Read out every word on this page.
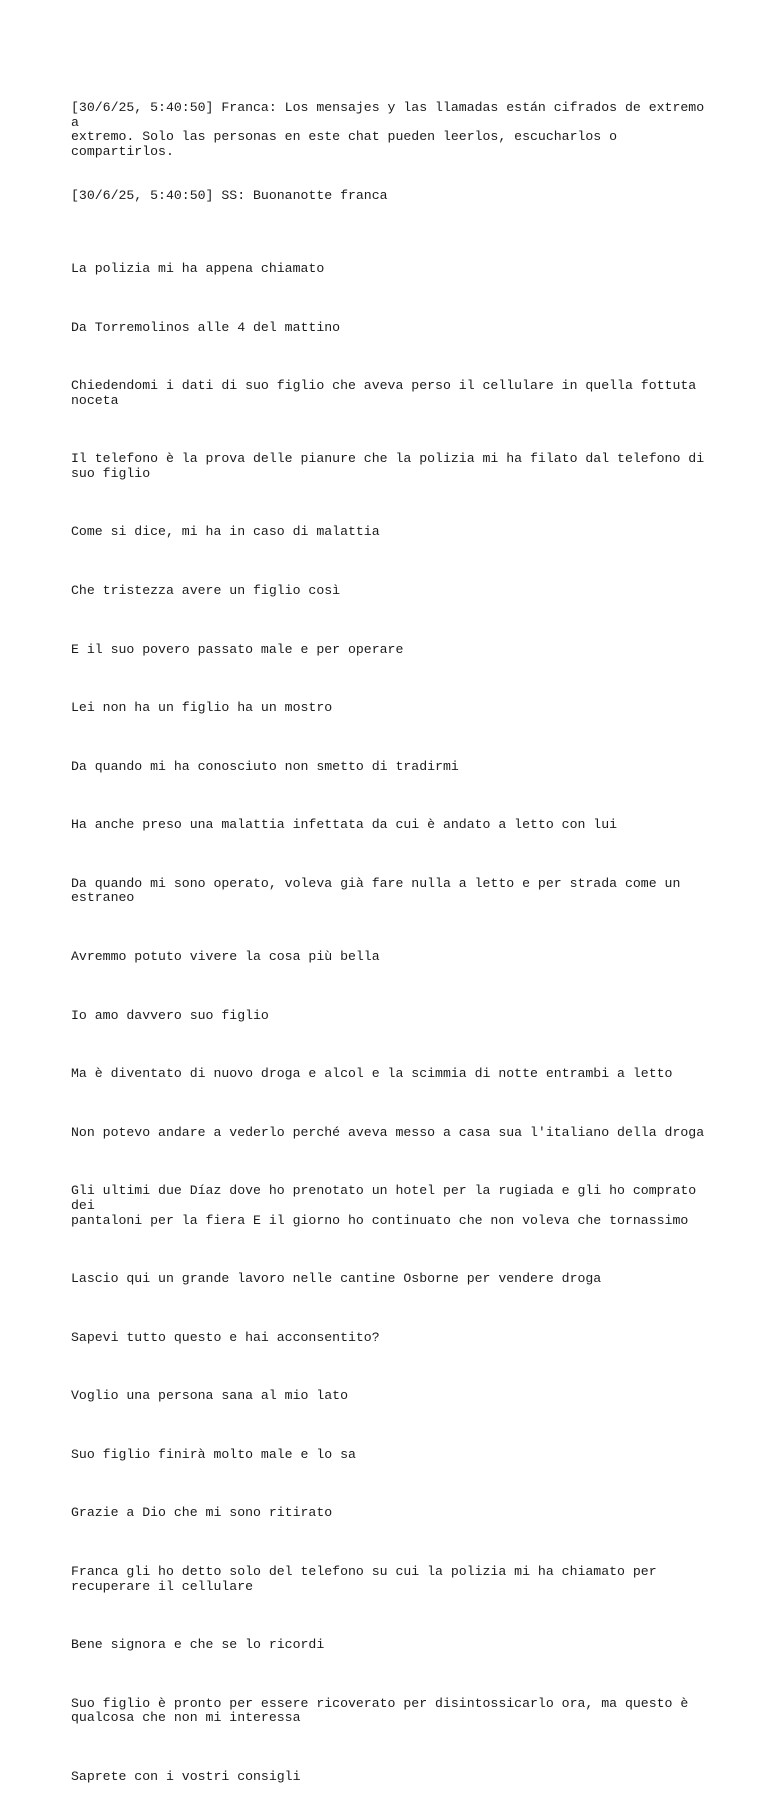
[30/6/25, 5:40:50] Franca: Los mensajes y las llamadas están cifrados de extremo a
extremo. Solo las personas en este chat pueden leerlos, escucharlos o compartirlos.

[30/6/25, 5:40:50] SS: Buonanotte franca

La polizia mi ha appena chiamato

Da Torremolinos alle 4 del mattino

Chiedendomi i dati di suo figlio che aveva perso il cellulare in quella fottuta
noceta

Il telefono è la prova delle pianure che la polizia mi ha filato dal telefono di
suo figlio

Come si dice, mi ha in caso di malattia

Che tristezza avere un figlio così

E il suo povero passato male e per operare

Lei non ha un figlio ha un mostro

Da quando mi ha conosciuto non smetto di tradirmi

Ha anche preso una malattia infettata da cui è andato a letto con lui

Da quando mi sono operato, voleva già fare nulla a letto e per strada come un
estraneo

Avremmo potuto vivere la cosa più bella

Io amo davvero suo figlio

Ma è diventato di nuovo droga e alcol e la scimmia di notte entrambi a letto

Non potevo andare a vederlo perché aveva messo a casa sua l'italiano della droga

Gli ultimi due Díaz dove ho prenotato un hotel per la rugiada e gli ho comprato dei
pantaloni per la fiera E il giorno ho continuato che non voleva che tornassimo

Lascio qui un grande lavoro nelle cantine Osborne per vendere droga

Sapevi tutto questo e hai acconsentito?

Voglio una persona sana al mio lato

Suo figlio finirà molto male e lo sa

Grazie a Dio che mi sono ritirato

Franca gli ho detto solo del telefono su cui la polizia mi ha chiamato per
recuperare il cellulare

Bene signora e che se lo ricordi

Suo figlio è pronto per essere ricoverato per disintossicarlo ora, ma questo è
qualcosa che non mi interessa

Saprete con i vostri consigli
